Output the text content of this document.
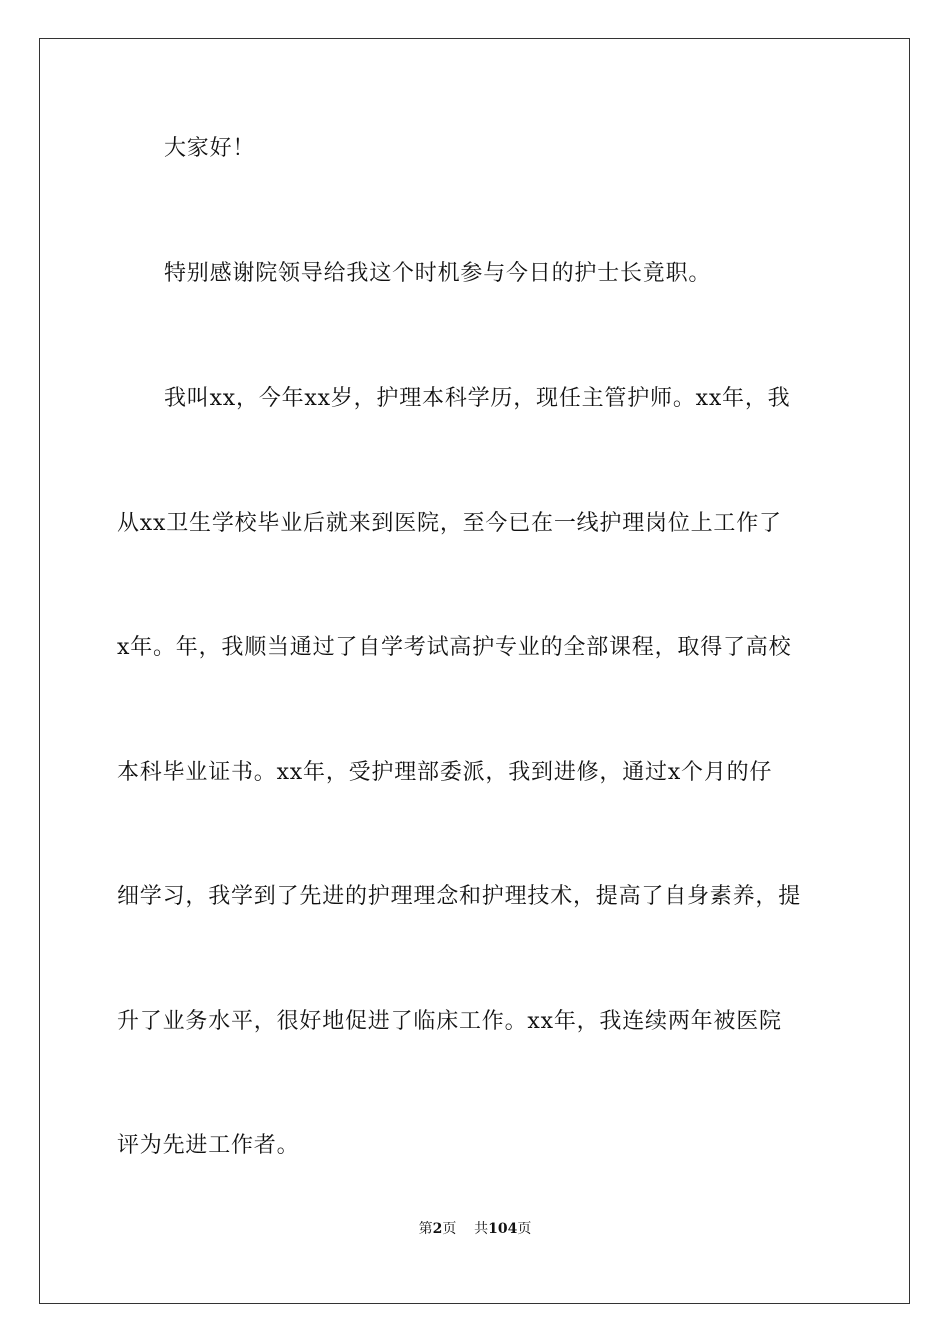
大家好！
特别感谢院领导给我这个时机参与今日的护士长竟职。
我叫xx，今年xx岁，护理本科学历，现任主管护师。xx年，我
从xx卫生学校毕业后就来到医院，至今已在一线护理岗位上工作了
x年。年，我顺当通过了自学考试高护专业的全部课程，取得了高校
本科毕业证书。xx年，受护理部委派，我到进修，通过x个月的仔
细学习，我学到了先进的护理理念和护理技术，提高了自身素养，提
升了业务水平，很好地促进了临床工作。xx年，我连续两年被医院
评为先进工作者。
第2页 共104页
